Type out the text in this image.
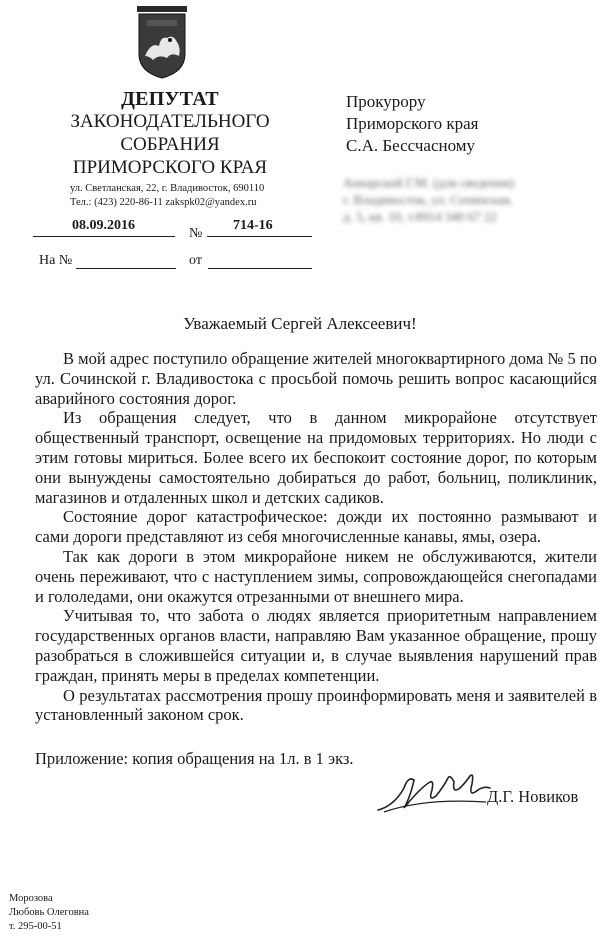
ДЕПУТАТ
ЗАКОНОДАТЕЛЬНОГО
СОБРАНИЯ
ПРИМОРСКОГО КРАЯ
ул. Светланская, 22, г. Владивосток, 690110
Тел.: (423) 220-86-11 zakspk02@yandex.ru
08.09.2016
№
714-16
На №	от
Прокурору
Приморского края
С.А. Бессчасному
Анкарской Г.М. (для сведения)
г. Владивосток, ул. Сочинская,
д. 5, кв. 10, т.8914 340 67 22
Уважаемый Сергей Алексеевич!

В мой адрес поступило обращение жителей многоквартирного дома № 5 по ул. Сочинской г. Владивостока с просьбой помочь решить вопрос касающийся аварийного состояния дорог.

Из обращения следует, что в данном микрорайоне отсутствует общественный транспорт, освещение на придомовых территориях. Но люди с этим готовы мириться. Более всего их беспокоит состояние дорог, по которым они вынуждены самостоятельно добираться до работ, больниц, поликлиник, магазинов и отдаленных школ и детских садиков.

Состояние дорог катастрофическое: дожди их постоянно размывают и сами дороги представляют из себя многочисленные канавы, ямы, озера.

Так как дороги в этом микрорайоне никем не обслуживаются, жители очень переживают, что с наступлением зимы, сопровождающейся снегопадами и гололедами, они окажутся отрезанными от внешнего мира.

Учитывая то, что забота о людях является приоритетным направлением государственных органов власти, направляю Вам указанное обращение, прошу разобраться в сложившейся ситуации и, в случае выявления нарушений прав граждан, принять меры в пределах компетенции.

О результатах рассмотрения прошу проинформировать меня и заявителей в установленный законом срок.

Приложение: копия обращения на 1л. в 1 экз.
Д.Г. Новиков
Морозова
Любовь Олеговна
т. 295-00-51
